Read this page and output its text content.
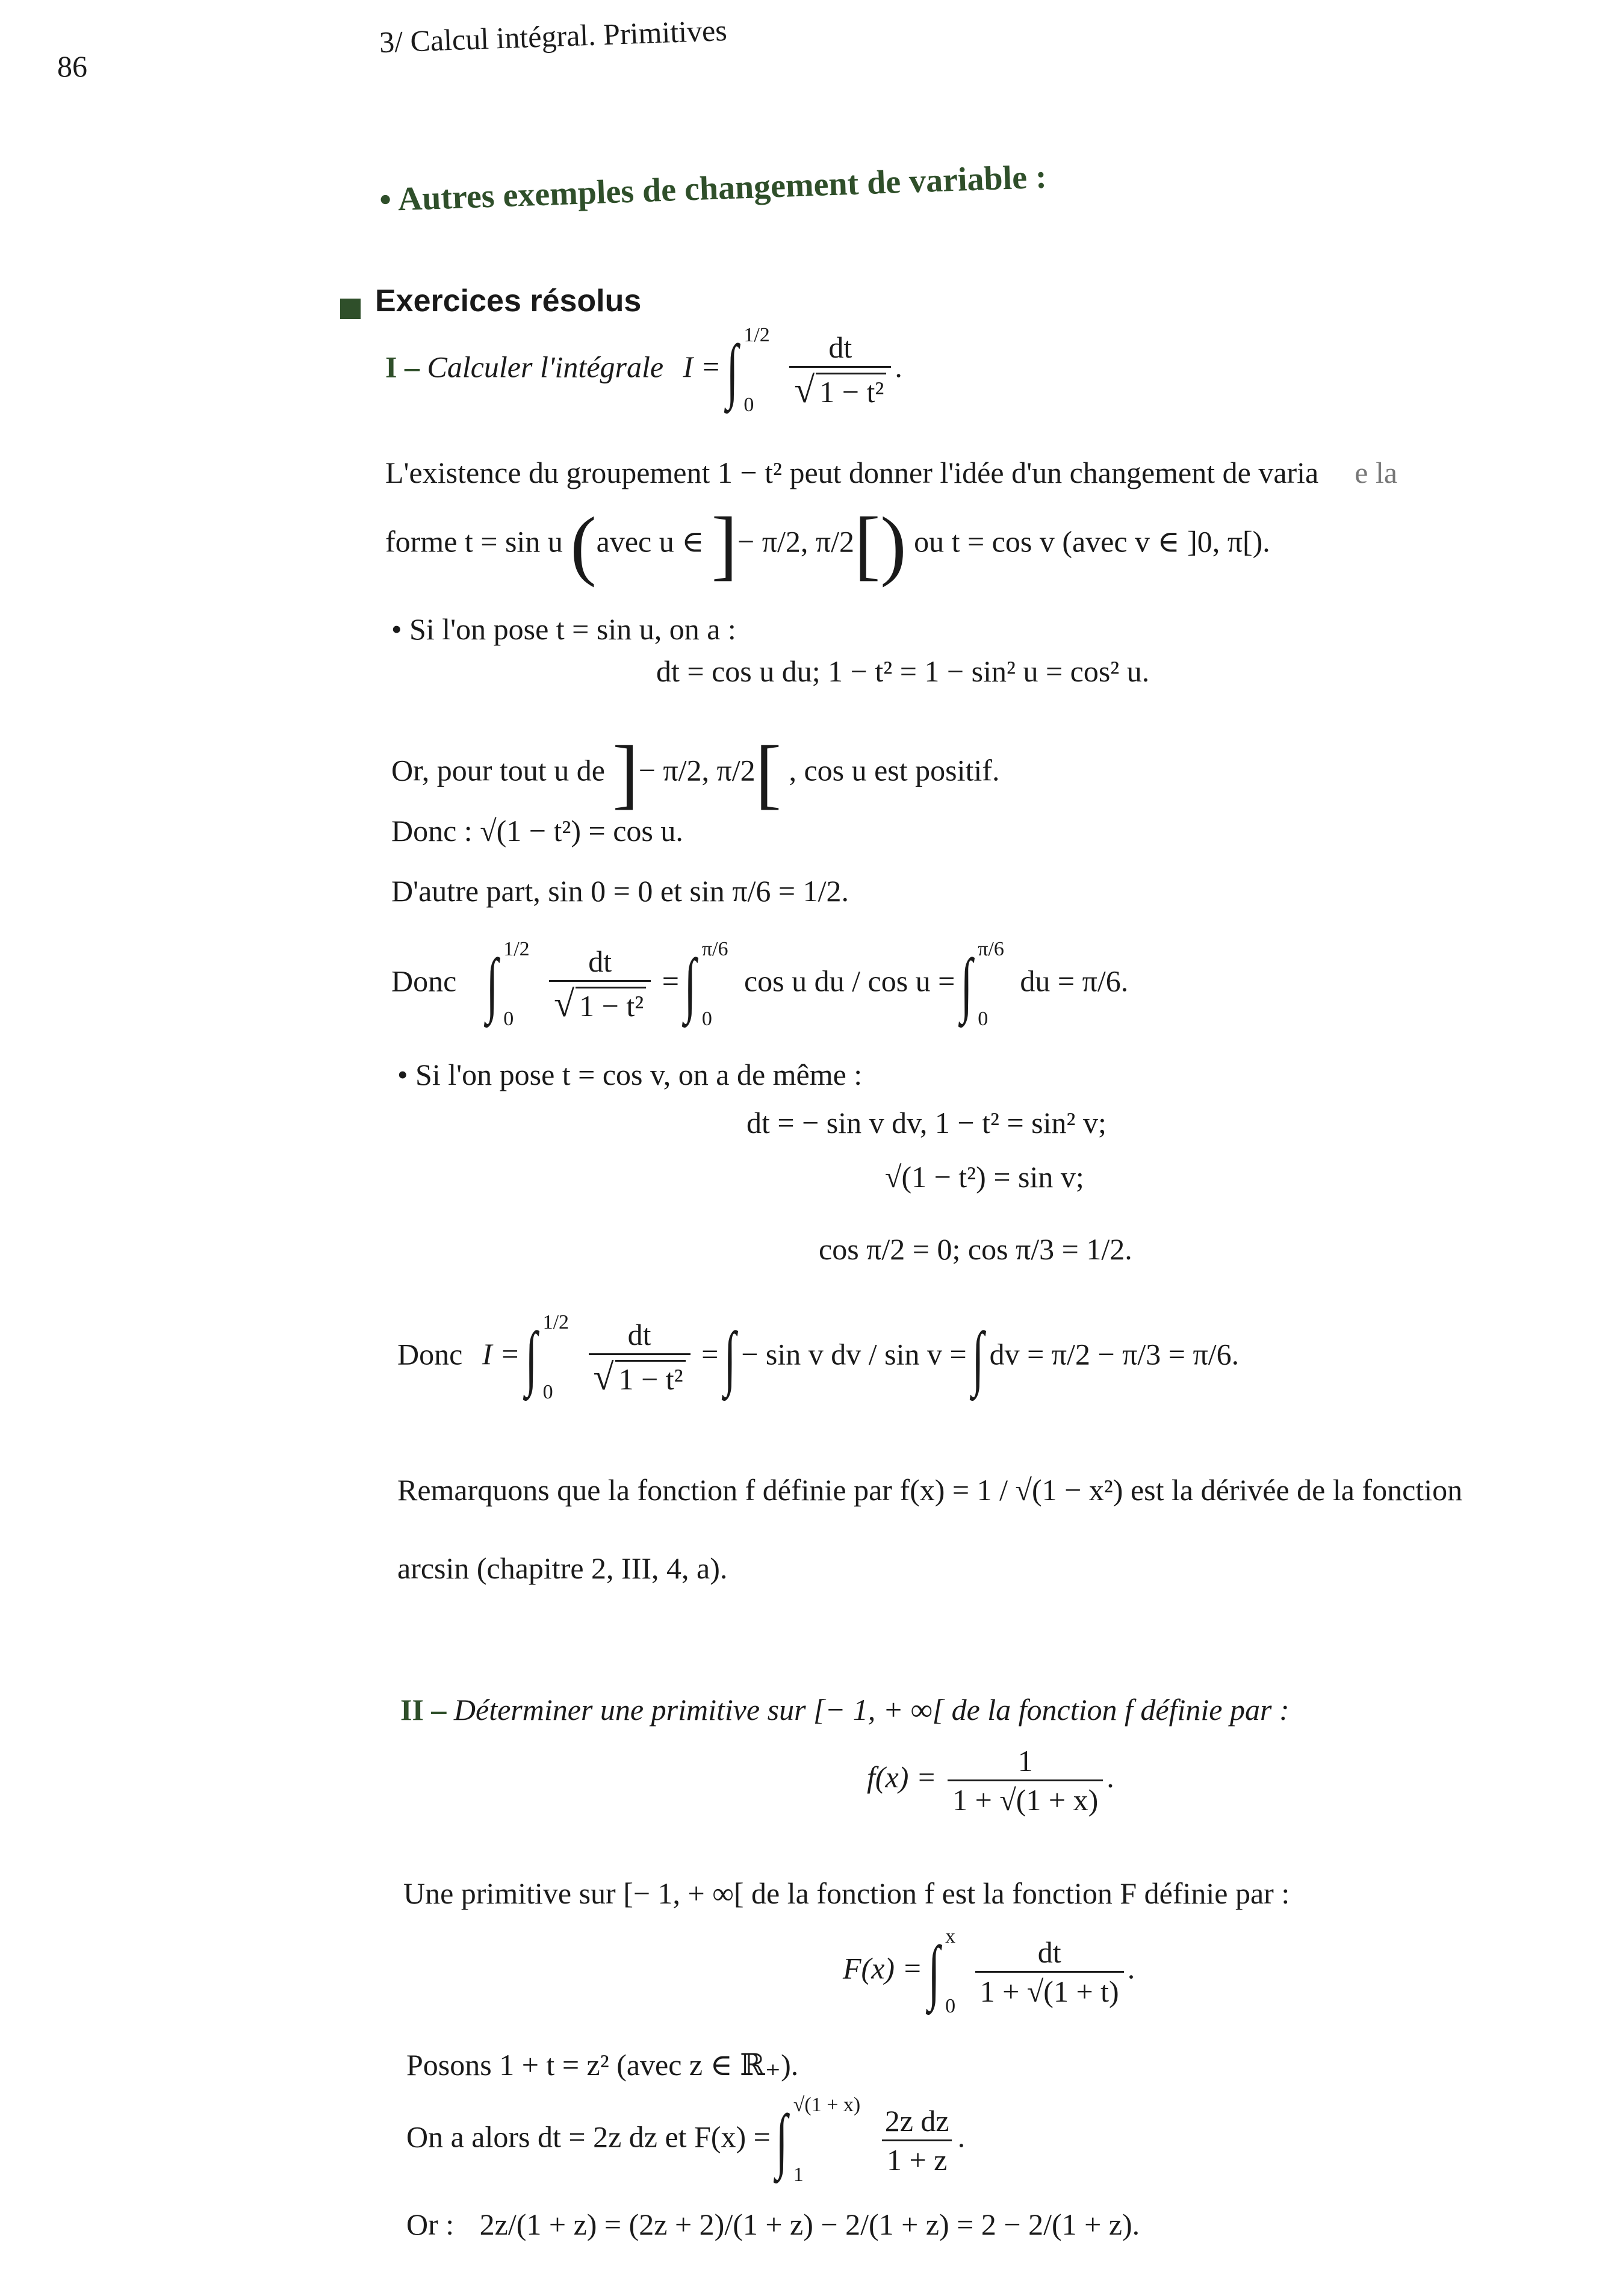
86
3/ Calcul intégral. Primitives
• Autres exemples de changement de variable :
Exercices résolus
I – Calculer l'intégrale I = ∫ 1/2
0
	$\frac{dt}{\text{√ 1 − t²}}$ .
L'existence du groupement 1 − t² peut donner l'idée d'un changement de varia e la
forme t = sin u (avec u ∈ ]− π/2, π/2[) ou t = cos v (avec v ∈ ]0, π[).
• Si l'on pose t = sin u, on a :
dt = cos u du; 1 − t² = 1 − sin² u = cos² u.
Or, pour tout u de ]− π/2, π/2[ , cos u est positif.
Donc : √(1 − t²) = cos u.
D'autre part, sin 0 = 0 et sin π/6 = 1/2.
Donc ∫ 1/2
0
	$\frac{dt}{\text{√ 1 − t²}}$ = ∫ π/6
0
cos u du / cos u = ∫ π/6
0
du = π/6.
• Si l'on pose t = cos v, on a de même :
dt = − sin v dv, 1 − t² = sin² v;
√(1 − t²) = sin v;
cos π/2 = 0; cos π/3 = 1/2.
Donc I = ∫ 1/2
0
	$\frac{dt}{\text{√ 1 − t²}}$ = ∫ − sin v dv / sin v = ∫ dv = π/2 − π/3 = π/6.
Remarquons que la fonction f définie par f(x) = 1 / √(1 − x²) est la dérivée de la fonction
arcsin (chapitre 2, III, 4, a).
II – Déterminer une primitive sur [− 1, + ∞[ de la fonction f définie par :
$f(x) = \frac{1}{1 + √(1 + x)}$ .
Une primitive sur [− 1, + ∞[ de la fonction f est la fonction F définie par :
F(x) = ∫ x
0
$\frac{dt}{1 + √(1 + t)}$ .
Posons 1 + t = z² (avec z ∈ ℝ₊).
On a alors dt = 2z dz et F(x) = ∫ √(1 + x)
1
	$\frac{\text{2z dz}}{1 + z}$ .
Or : 2z/(1 + z) = (2z + 2)/(1 + z) − 2/(1 + z) = 2 − 2/(1 + z).
